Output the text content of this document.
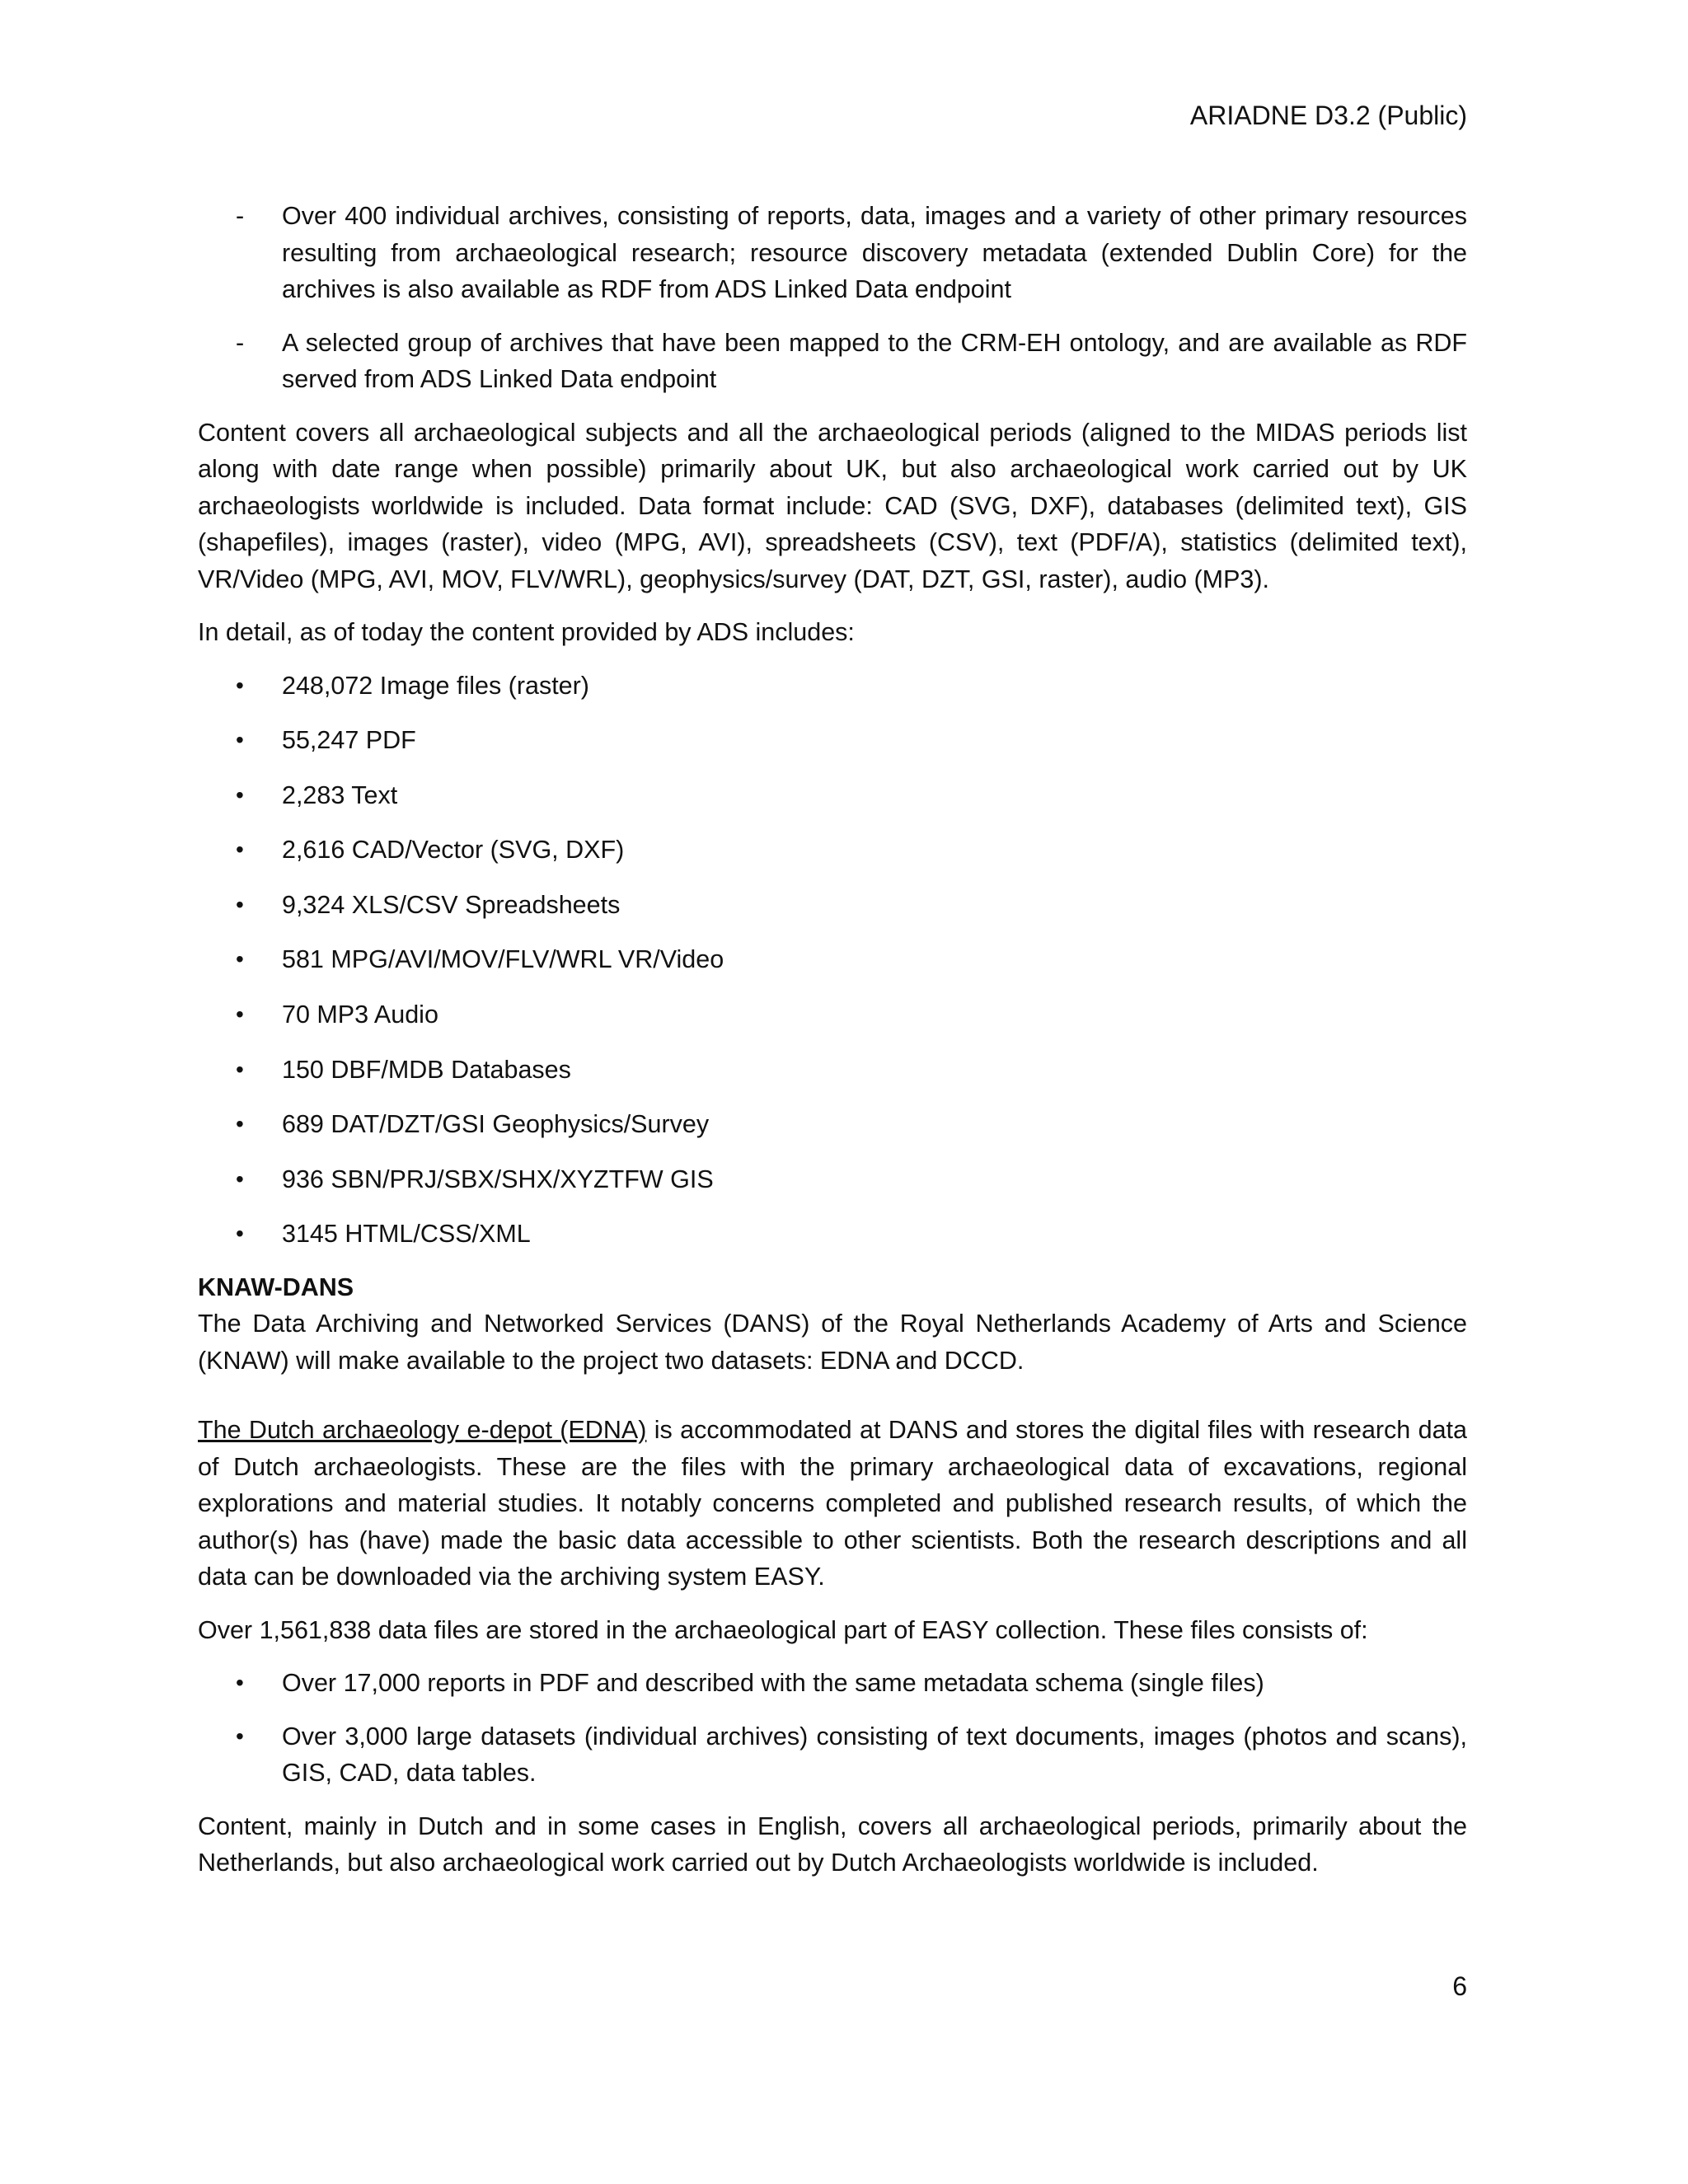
ARIADNE D3.2 (Public)
- Over 400 individual archives, consisting of reports, data, images and a variety of other primary resources resulting from archaeological research; resource discovery metadata (extended Dublin Core) for the archives is also available as RDF from ADS Linked Data endpoint
- A selected group of archives that have been mapped to the CRM-EH ontology, and are available as RDF served from ADS Linked Data endpoint

Content covers all archaeological subjects and all the archaeological periods (aligned to the MIDAS periods list along with date range when possible) primarily about UK, but also archaeological work carried out by UK archaeologists worldwide is included. Data format include: CAD (SVG, DXF), databases (delimited text), GIS (shapefiles), images (raster), video (MPG, AVI), spreadsheets (CSV), text (PDF/A), statistics (delimited text), VR/Video (MPG, AVI, MOV, FLV/WRL), geophysics/survey (DAT, DZT, GSI, raster), audio (MP3).

In detail, as of today the content provided by ADS includes:

• 248,072 Image files (raster)
• 55,247 PDF
• 2,283 Text
• 2,616 CAD/Vector (SVG, DXF)
• 9,324 XLS/CSV Spreadsheets
• 581 MPG/AVI/MOV/FLV/WRL VR/Video
• 70 MP3 Audio
• 150 DBF/MDB Databases
• 689 DAT/DZT/GSI Geophysics/Survey
• 936 SBN/PRJ/SBX/SHX/XYZTFW GIS
• 3145 HTML/CSS/XML
KNAW-DANS

The Data Archiving and Networked Services (DANS) of the Royal Netherlands Academy of Arts and Science (KNAW) will make available to the project two datasets: EDNA and DCCD.

The Dutch archaeology e-depot (EDNA) is accommodated at DANS and stores the digital files with research data of Dutch archaeologists. These are the files with the primary archaeological data of excavations, regional explorations and material studies. It notably concerns completed and published research results, of which the author(s) has (have) made the basic data accessible to other scientists. Both the research descriptions and all data can be downloaded via the archiving system EASY.

Over 1,561,838 data files are stored in the archaeological part of EASY collection. These files consists of:

• Over 17,000 reports in PDF and described with the same metadata schema (single files)
• Over 3,000 large datasets (individual archives) consisting of text documents, images (photos and scans), GIS, CAD, data tables.

Content, mainly in Dutch and in some cases in English, covers all archaeological periods, primarily about the Netherlands, but also archaeological work carried out by Dutch Archaeologists worldwide is included.

6
